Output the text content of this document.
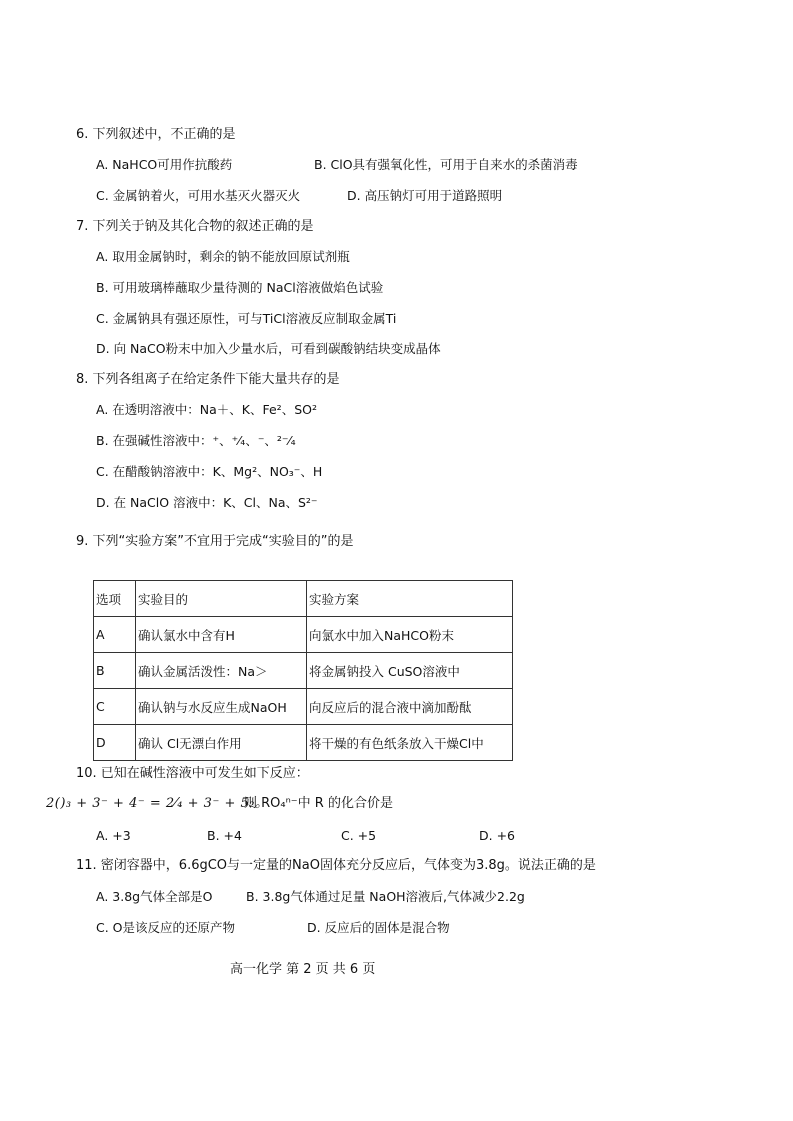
6. 下列叙述中，不正确的是
A. NaHCO可用作抗酸药	B. ClO具有强氧化性，可用于自来水的杀菌消毒
C. 金属钠着火，可用水基灭火器灭火	D. 高压钠灯可用于道路照明
7. 下列关于钠及其化合物的叙述正确的是
A. 取用金属钠时，剩余的钠不能放回原试剂瓶
B. 可用玻璃棒蘸取少量待测的 NaCl溶液做焰色试验
C. 金属钠具有强还原性，可与TiCl溶液反应制取金属Ti
D. 向 NaCO粉末中加入少量水后，可看到碳酸钠结块变成晶体
8. 下列各组离子在给定条件下能大量共存的是
A. 在透明溶液中：Na＋、K、Fe²、SO²
B. 在强碱性溶液中：⁺、⁺⁄₄、⁻、²⁻⁄₄
C. 在醋酸钠溶液中：K、Mg²、NO₃⁻、H
D. 在 NaClO 溶液中：K、Cl、Na、S²⁻
9. 下列“实验方案”不宜用于完成“实验目的”的是
选项	实验目的	实验方案
A	确认氯水中含有H	向氯水中加入NaHCO粉末
B	确认金属活泼性：Na＞	将金属钠投入 CuSO溶液中
C	确认钠与水反应生成NaOH	向反应后的混合液中滴加酚酞
D	确认 Cl无漂白作用	将干燥的有色纸条放入干燥Cl中
10. 已知在碱性溶液中可发生如下反应：
2()₃ + 3⁻ + 4⁻ = 2⁄₄ + 3⁻ + 5₂。
则 RO₄ⁿ⁻中 R 的化合价是
A. +3	B. +4	C. +5	D. +6
11. 密闭容器中，6.6gCO与一定量的NaO固体充分反应后，气体变为3.8g。说法正确的是
A. 3.8g气体全部是O	B. 3.8g气体通过足量 NaOH溶液后,气体减少2.2g
C. O是该反应的还原产物	D. 反应后的固体是混合物
高一化学 第 2 页 共 6 页
